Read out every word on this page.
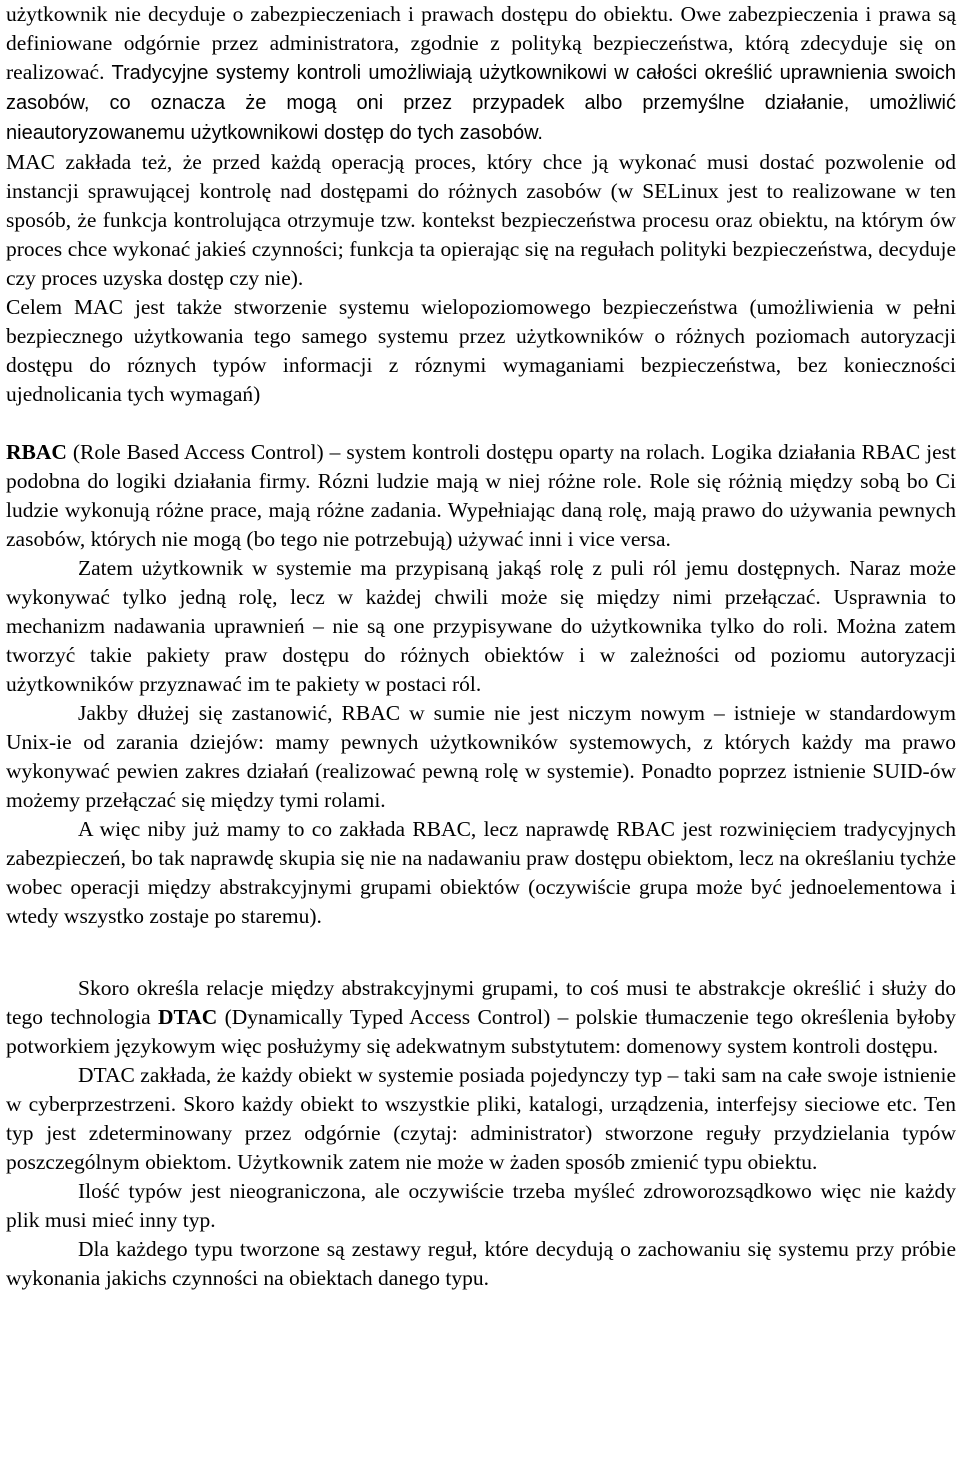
użytkownik nie decyduje o zabezpieczeniach i prawach dostępu do obiektu. Owe zabezpieczenia i prawa są definiowane odgórnie przez administratora, zgodnie z polityką bezpieczeństwa, którą zdecyduje się on realizować. Tradycyjne systemy kontroli umożliwiają użytkownikowi w całości określić uprawnienia swoich zasobów, co oznacza że mogą oni przez przypadek albo przemyślne działanie, umożliwić nieautoryzowanemu użytkownikowi dostęp do tych zasobów.

MAC zakłada też, że przed każdą operacją proces, który chce ją wykonać musi dostać pozwolenie od instancji sprawującej kontrolę nad dostępami do różnych zasobów (w SELinux jest to realizowane w ten sposób, że funkcja kontrolująca otrzymuje tzw. kontekst bezpieczeństwa procesu oraz obiektu, na którym ów proces chce wykonać jakieś czynności; funkcja ta opierając się na regułach polityki bezpieczeństwa, decyduje czy proces uzyska dostęp czy nie).

Celem MAC jest także stworzenie systemu wielopoziomowego bezpieczeństwa (umożliwienia w pełni bezpiecznego użytkowania tego samego systemu przez użytkowników o różnych poziomach autoryzacji dostępu do róznych typów informacji z róznymi wymaganiami bezpieczeństwa, bez konieczności ujednolicania tych wymagań)

RBAC (Role Based Access Control) – system kontroli dostępu oparty na rolach. Logika działania RBAC jest podobna do logiki działania firmy. Rózni ludzie mają w niej różne role. Role się różnią między sobą bo Ci ludzie wykonują różne prace, mają różne zadania. Wypełniając daną rolę, mają prawo do używania pewnych zasobów, których nie mogą (bo tego nie potrzebują) używać inni i vice versa.

Zatem użytkownik w systemie ma przypisaną jakąś rolę z puli ról jemu dostępnych. Naraz może wykonywać tylko jedną rolę, lecz w każdej chwili może się między nimi przełączać. Usprawnia to mechanizm nadawania uprawnień – nie są one przypisywane do użytkownika tylko do roli. Można zatem tworzyć takie pakiety praw dostępu do różnych obiektów i w zależności od poziomu autoryzacji użytkowników przyznawać im te pakiety w postaci ról.

Jakby dłużej się zastanowić, RBAC w sumie nie jest niczym nowym – istnieje w standardowym Unix-ie od zarania dziejów: mamy pewnych użytkowników systemowych, z których każdy ma prawo wykonywać pewien zakres działań (realizować pewną rolę w systemie). Ponadto poprzez istnienie SUID-ów możemy przełączać się między tymi rolami.

A więc niby już mamy to co zakłada RBAC, lecz naprawdę RBAC jest rozwinięciem tradycyjnych zabezpieczeń, bo tak naprawdę skupia się nie na nadawaniu praw dostępu obiektom, lecz na określaniu tychże wobec operacji między abstrakcyjnymi grupami obiektów (oczywiście grupa może być jednoelementowa i wtedy wszystko zostaje po staremu).

Skoro określa relacje między abstrakcyjnymi grupami, to coś musi te abstrakcje określić i służy do tego technologia DTAC (Dynamically Typed Access Control) – polskie tłumaczenie tego określenia byłoby potworkiem językowym więc posłużymy się adekwatnym substytutem: domenowy system kontroli dostępu.

DTAC zakłada, że każdy obiekt w systemie posiada pojedynczy typ – taki sam na całe swoje istnienie w cyberprzestrzeni. Skoro każdy obiekt to wszystkie pliki, katalogi, urządzenia, interfejsy sieciowe etc. Ten typ jest zdeterminowany przez odgórnie (czytaj: administrator) stworzone reguły przydzielania typów poszczególnym obiektom. Użytkownik zatem nie może w żaden sposób zmienić typu obiektu.

Ilość typów jest nieograniczona, ale oczywiście trzeba myśleć zdroworozsądkowo więc nie każdy plik musi mieć inny typ.

Dla każdego typu tworzone są zestawy reguł, które decydują o zachowaniu się systemu przy próbie wykonania jakichs czynności na obiektach danego typu.
